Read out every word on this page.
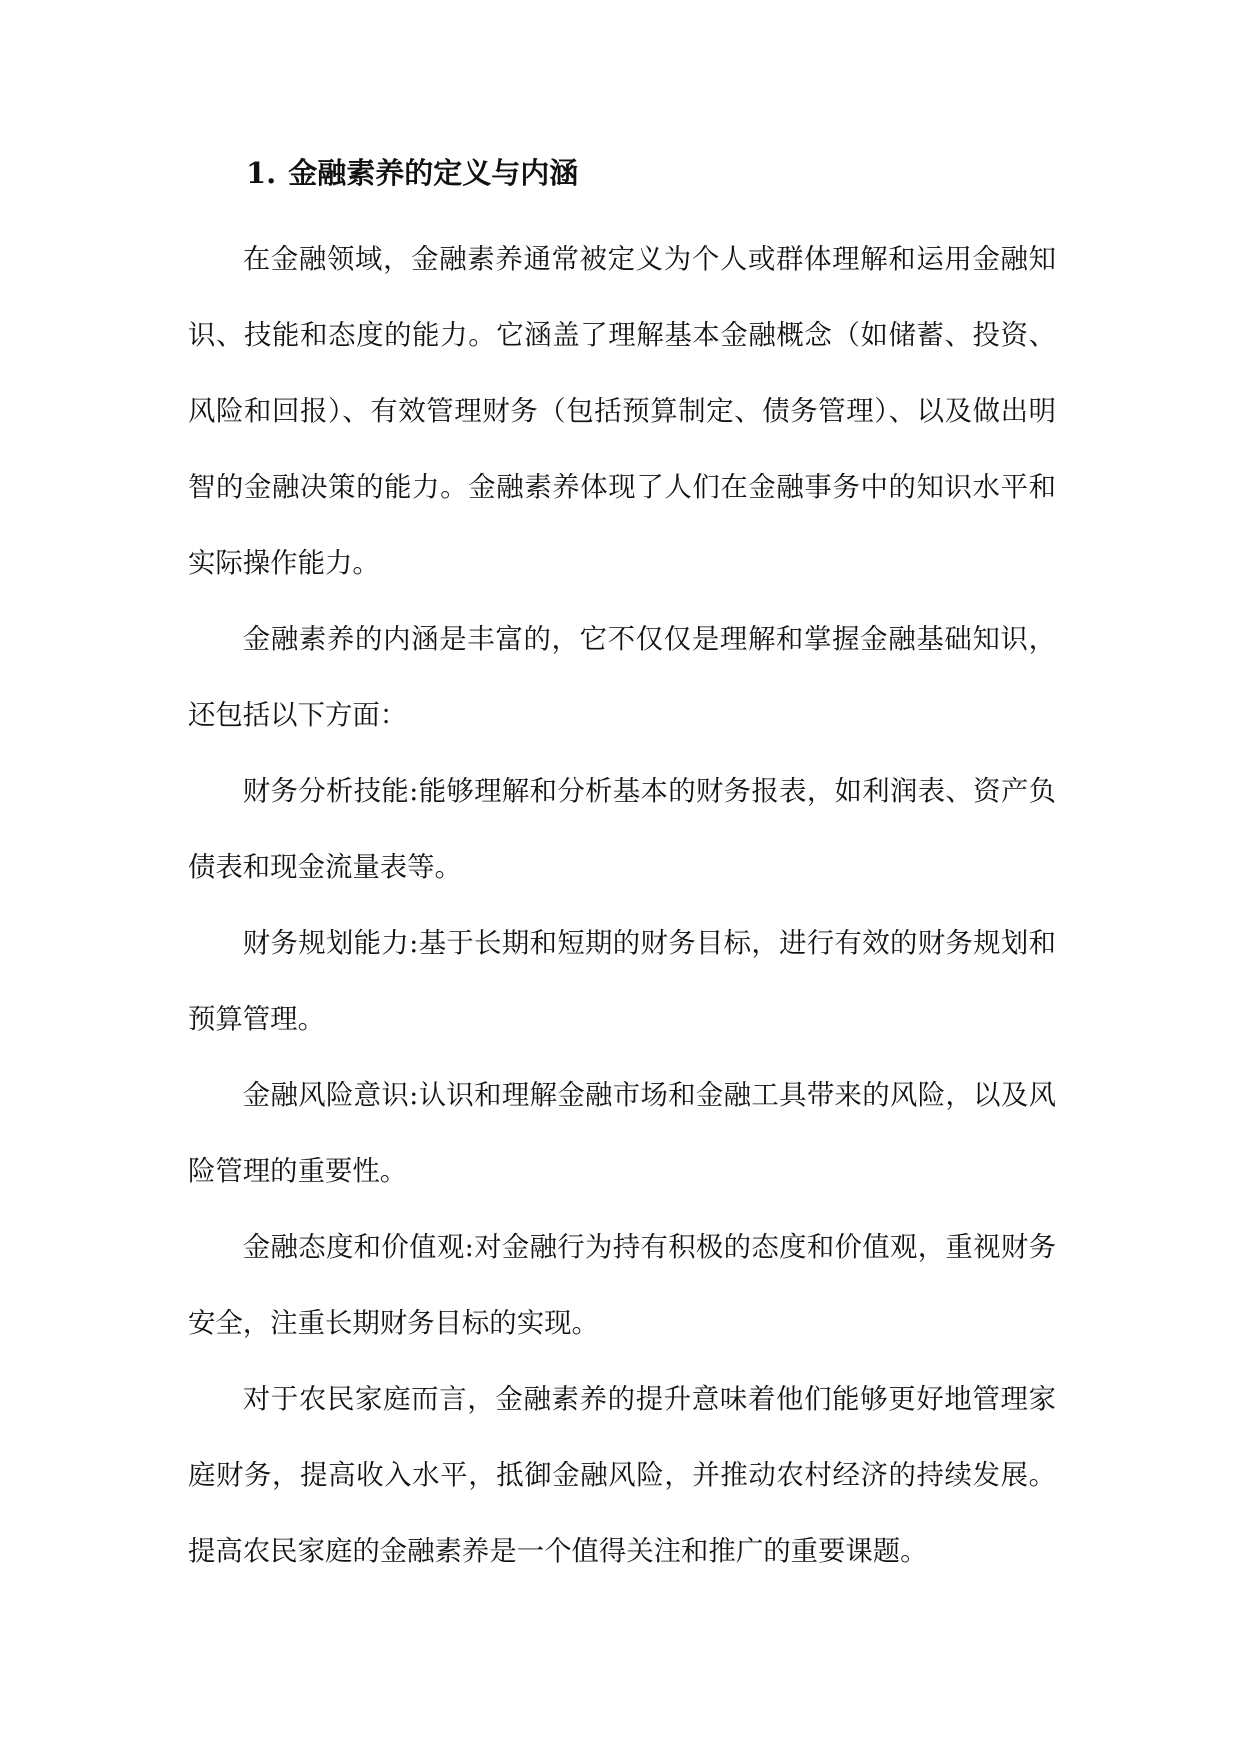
1. 金融素养的定义与内涵

在金融领域，金融素养通常被定义为个人或群体理解和运用金融知识、技能和态度的能力。它涵盖了理解基本金融概念（如储蓄、投资、风险和回报）、有效管理财务（包括预算制定、债务管理）、以及做出明智的金融决策的能力。金融素养体现了人们在金融事务中的知识水平和实际操作能力。

金融素养的内涵是丰富的，它不仅仅是理解和掌握金融基础知识，还包括以下方面：

财务分析技能:能够理解和分析基本的财务报表，如利润表、资产负债表和现金流量表等。

财务规划能力:基于长期和短期的财务目标，进行有效的财务规划和预算管理。

金融风险意识:认识和理解金融市场和金融工具带来的风险，以及风险管理的重要性。

金融态度和价值观:对金融行为持有积极的态度和价值观，重视财务安全，注重长期财务目标的实现。

对于农民家庭而言，金融素养的提升意味着他们能够更好地管理家庭财务，提高收入水平，抵御金融风险，并推动农村经济的持续发展。提高农民家庭的金融素养是一个值得关注和推广的重要课题。
